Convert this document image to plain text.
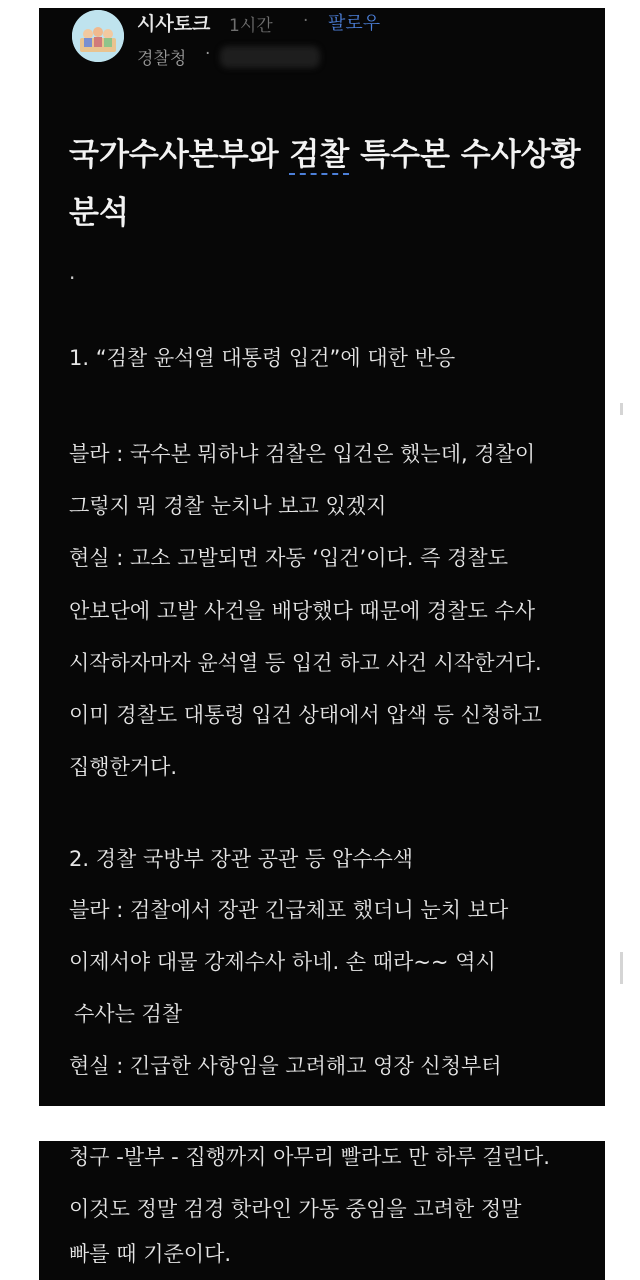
시사토크 1시간 · 팔로우
경찰청 ·
국가수사본부와 검찰 특수본 수사상황
분석
.
1. “검찰 윤석열 대통령 입건”에 대한 반응
블라 : 국수본 뭐하냐 검찰은 입건은 했는데, 경찰이
그렇지 뭐 경찰 눈치나 보고 있겠지
현실 : 고소 고발되면 자동 ‘입건’이다. 즉 경찰도
안보단에 고발 사건을 배당했다 때문에 경찰도 수사
시작하자마자 윤석열 등 입건 하고 사건 시작한거다.
이미 경찰도 대통령 입건 상태에서 압색 등 신청하고
집행한거다.
2. 경찰 국방부 장관 공관 등 압수수색
블라 : 검찰에서 장관 긴급체포 했더니 눈치 보다
이제서야 대물 강제수사 하네. 손 때라~~ 역시
수사는 검찰
현실 : 긴급한 사항임을 고려해고 영장 신청부터
청구 -발부 - 집행까지 아무리 빨라도 만 하루 걸린다.
이것도 정말 검경 핫라인 가동 중임을 고려한 정말
빠를 때 기준이다.
